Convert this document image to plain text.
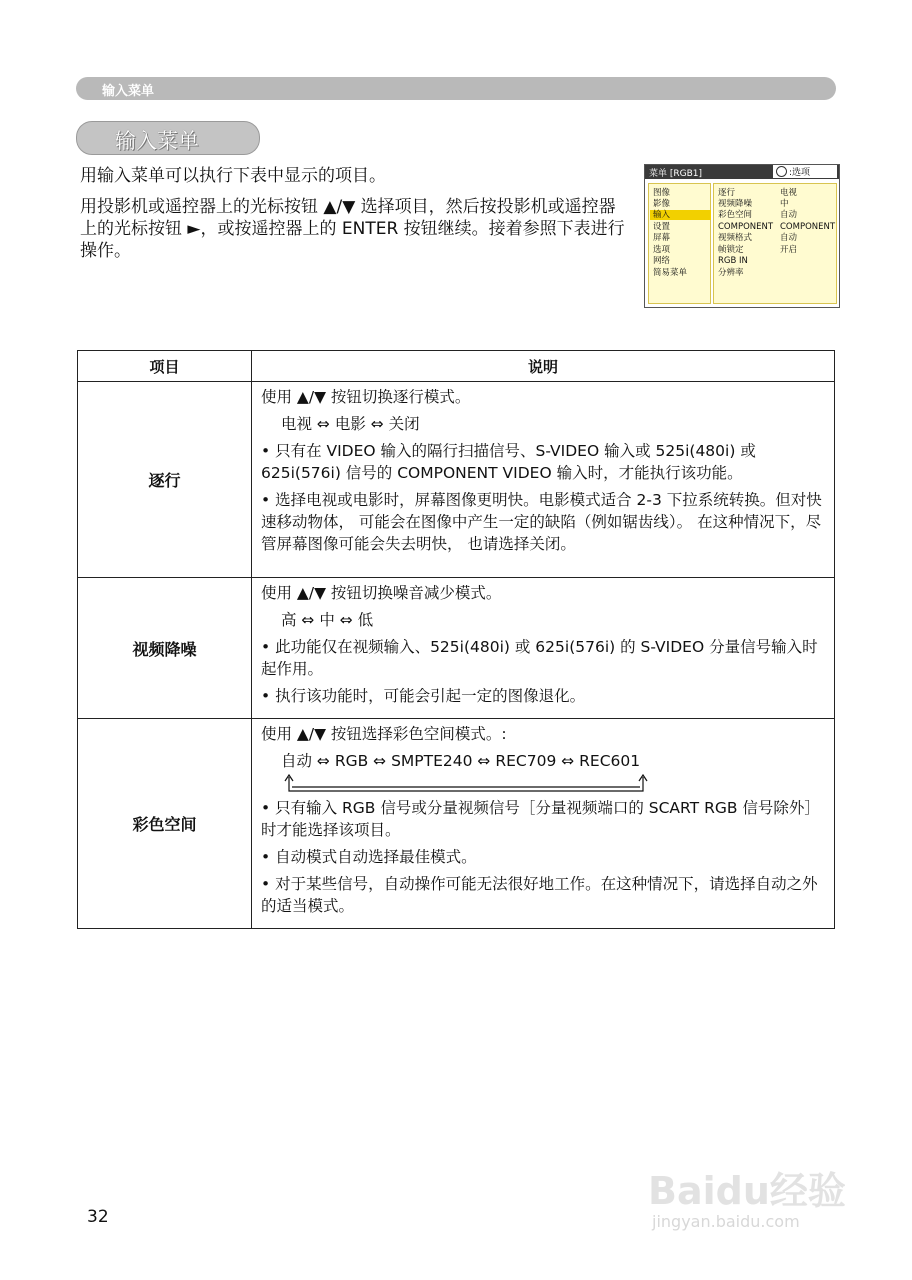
输入菜单
输入菜单
用输入菜单可以执行下表中显示的项目。
用投影机或遥控器上的光标按钮 ▲/▼ 选择项目，然后按投影机或遥控器上的光标按钮 ►，或按遥控器上的 ENTER 按钮继续。接着参照下表进行操作。
菜单 [RGB1]	:选项
图像
影像
输入
设置
屏幕
选项
网络
简易菜单
逐行
视频降噪
彩色空间
COMPONENT
视频格式
帧锁定
RGB IN
分辨率
电视
中
自动
COMPONENT
自动
开启
项目	说明
逐行	使用 ▲/▼ 按钮切换逐行模式。

电视 ⇔ 电影 ⇔ 关闭

• 只有在 VIDEO 输入的隔行扫描信号、S-VIDEO 输入或 525i(480i) 或 625i(576i) 信号的 COMPONENT VIDEO 输入时，才能执行该功能。

• 选择电视或电影时，屏幕图像更明快。电影模式适合 2-3 下拉系统转换。但对快速移动物体， 可能会在图像中产生一定的缺陷（例如锯齿线）。 在这种情况下，尽管屏幕图像可能会失去明快， 也请选择关闭。

视频降噪	使用 ▲/▼ 按钮切换噪音减少模式。

高 ⇔ 中 ⇔ 低

• 此功能仅在视频输入、525i(480i) 或 625i(576i) 的 S-VIDEO 分量信号输入时起作用。

• 执行该功能时，可能会引起一定的图像退化。

彩色空间	使用 ▲/▼ 按钮选择彩色空间模式。:

自动 ⇔ RGB ⇔ SMPTE240 ⇔ REC709 ⇔ REC601

• 只有输入 RGB 信号或分量视频信号［分量视频端口的 SCART RGB 信号除外］时才能选择该项目。

• 自动模式自动选择最佳模式。

• 对于某些信号，自动操作可能无法很好地工作。在这种情况下，请选择自动之外的适当模式。

32
Baidu经验
jingyan.baidu.com
